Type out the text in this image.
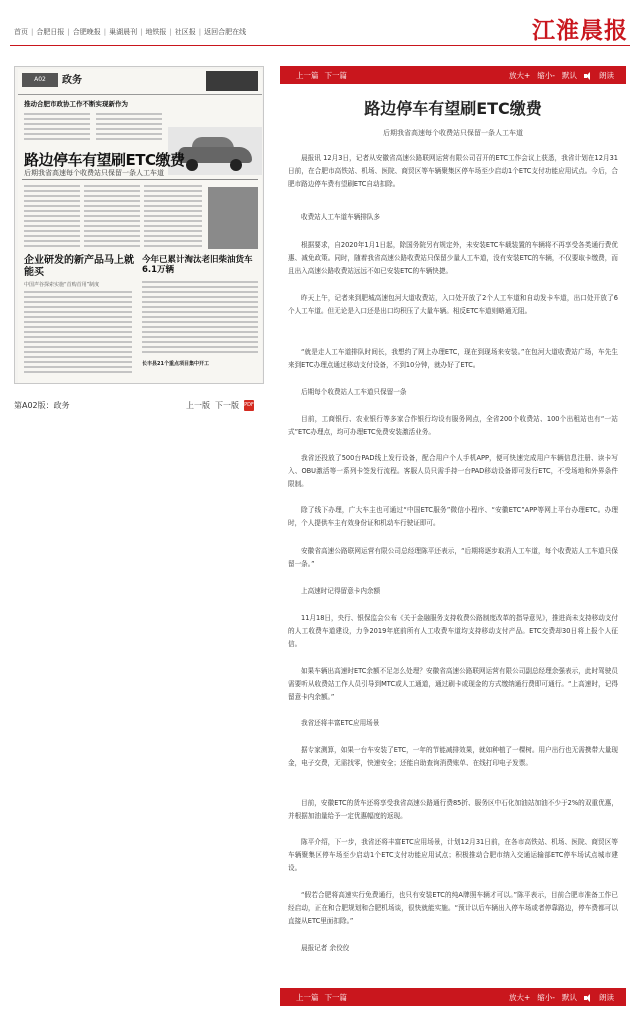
首页 | 合肥日报 | 合肥晚报 | 巢湖晨刊 | 地铁报 | 社区报 | 返回合肥在线	江淮晨报
A02	政务
推动合肥市政协工作不断实现新作为
路边停车有望刷ETC缴费
后期我省高速每个收费站只保留一条人工车道
企业研发的新产品马上就能买
中国声谷探索实施“首购首用”制度
今年已累计淘汰老旧柴油货车6.1万辆
长丰县21个重点项目集中开工
第A02版：政务	上一版 下一版 PDF
上一篇 下一篇	放大+ 缩小- 默认	朗读
路边停车有望刷ETC缴费
后期我省高速每个收费站只保留一条人工车道

晨报讯 12月3日，记者从安徽省高速公路联网运营有限公司召开的ETC工作会议上获悉，我省计划在12月31日前，在合肥市高铁站、机场、医院、商贸区等车辆聚集区停车场至少启动1个ETC支付功能应用试点。今后，合肥市路边停车费有望刷ETC自动扣除。

收费站人工车道车辆排队多

根据要求，自2020年1月1日起，除国务院另有规定外，未安装ETC车载装置的车辆将不再享受各类通行费优惠、减免政策。同时，随着我省高速公路收费站只保留少量人工车道，没有安装ETC的车辆，不仅要取卡缴费，而且出入高速公路收费站远远不如已安装ETC的车辆快捷。

昨天上午，记者来到肥城高速包河大道收费站，入口处开放了2个人工车道和自动发卡车道，出口处开放了6个人工车道。但无论是入口还是出口均积压了大量车辆。相反ETC车道则略通无阻。

“就是走人工车道排队时间长，我想约了网上办理ETC，现在到现场来安装。”在包河大道收费站广场，车先生来到ETC办理点通过移动支付设备，不到10分钟，就办好了ETC。

后期每个收费站人工车道只保留一条

目前，工商银行、农业银行等多家合作银行均设有服务网点，全省200个收费站、100个出租站也有“一站式”ETC办理点，均可办理ETC免费安装激活业务。

我省还投放了500台PAD线上发行设备，配合用户个人手机APP，便可快速完成用户车辆信息注册、读卡写入、OBU激活等一系列卡签发行流程。客服人员只需手持一台PAD移动设备即可发行ETC，不受场地和外界条件限制。

除了线下办理，广大车主也可通过“中国ETC服务”微信小程序、“安徽ETC”APP等网上平台办理ETC。办理时，个人提供车主有效身份证和机动车行驶证即可。

安徽省高速公路联网运营有限公司总经理陈平还表示，“后期将逐步取消人工车道，每个收费站人工车道只保留一条。”

上高速时记得留意卡内余额

11月18日，央行、银保监会公布《关于金融服务支持收费公路制度改革的指导意见》，推进尚未支持移动支付的人工收费车道建设，力争2019年底前所有人工收费车道均支持移动支付产品。ETC交费却30日将上报个人征信。

如果车辆出高速时ETC余额不足怎么处理？安徽省高速公路联网运营有限公司副总经理余强表示，此时驾驶员需要听从收费站工作人员引导到MTC或人工通道，通过刷卡或现金的方式缴纳通行费即可通行。“上高速时，记得留意卡内余额。”

我省还将丰富ETC应用场景

据专家测算，如果一台车安装了ETC，一年的节能减排效果，就如种植了一棵树。用户出行也无需携带大量现金，电子交费，无需找零，快速安全；还能自助查询消费账单、在线打印电子发票。

目前，安徽ETC的货车还将享受我省高速公路通行费85折、服务区中石化加油站加油不少于2%的双重优惠，并根据加油量给予一定优惠幅度的返现。

陈平介绍，下一步，我省还将丰富ETC应用场景，计划12月31日前，在各市高铁站、机场、医院、商贸区等车辆聚集区停车场至少启动1个ETC支付功能应用试点；积极推动合肥市纳入交通运输部ETC停车场试点城市建设。

“假若合肥将高速实行免费通行，也只有安装ETC的纯A牌照车辆才可以。”陈平表示，目前合肥市准备工作已经启动，正在和合肥规划和合肥机场谈，很快就能实施。“预计以后车辆出入停车场或者停靠路边，停车费都可以直接从ETC里面扣除。”

晨报记者 余佼佼

上一篇 下一篇	放大+ 缩小- 默认	朗读
